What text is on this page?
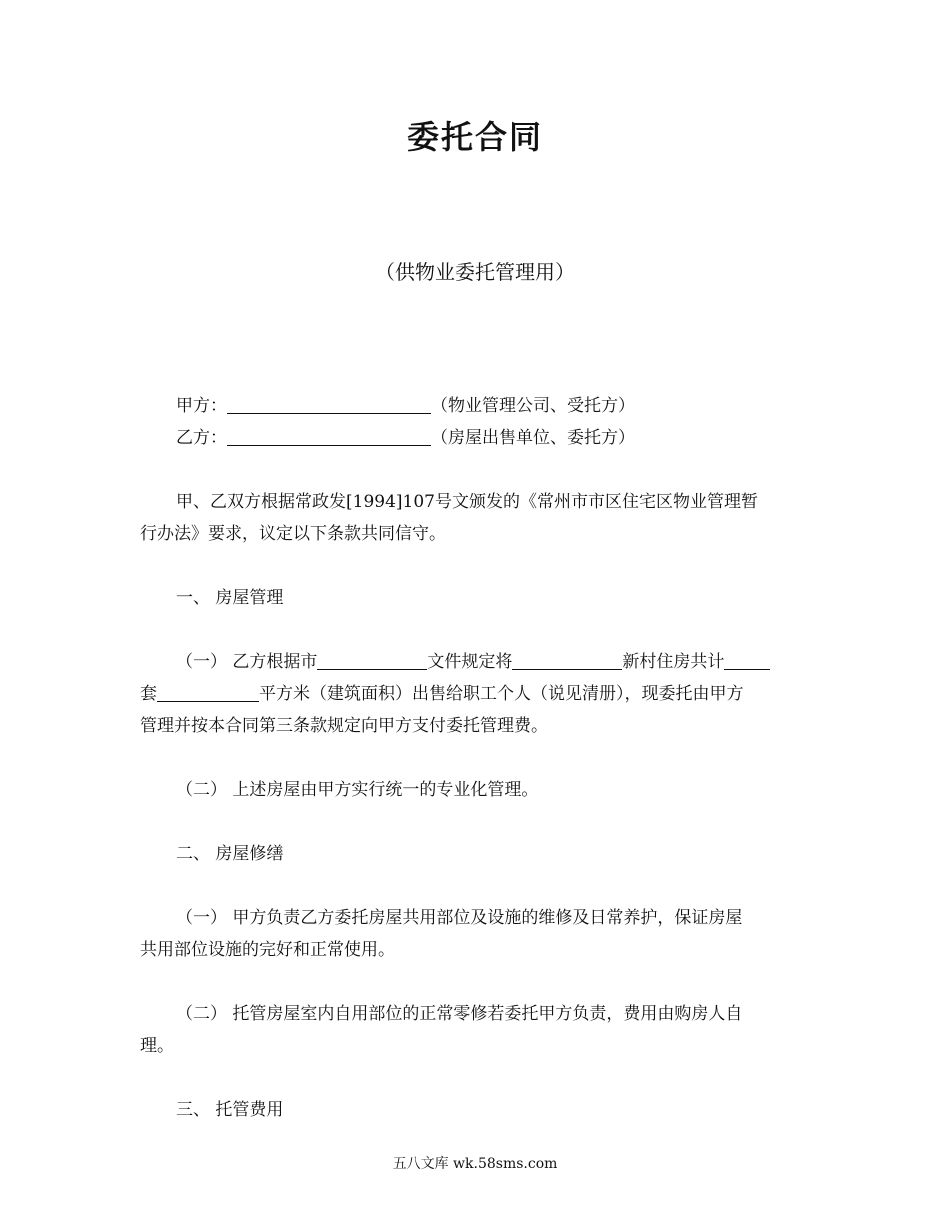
委托合同
（供物业委托管理用）
甲方：	（物业管理公司、受托方）
乙方：	（房屋出售单位、委托方）
甲、乙双方根据常政发[1994]107号文颁发的《常州市市区住宅区物业管理暂
行办法》要求，议定以下条款共同信守。
一、 房屋管理
（一） 乙方根据市	文件规定将	新村住房共计
套	平方米（建筑面积）出售给职工个人（说见清册），现委托由甲方
管理并按本合同第三条款规定向甲方支付委托管理费。
（二） 上述房屋由甲方实行统一的专业化管理。
二、 房屋修缮
（一） 甲方负责乙方委托房屋共用部位及设施的维修及日常养护，保证房屋
共用部位设施的完好和正常使用。
（二） 托管房屋室内自用部位的正常零修若委托甲方负责，费用由购房人自
理。
三、 托管费用
五八文库 wk.58sms.com
